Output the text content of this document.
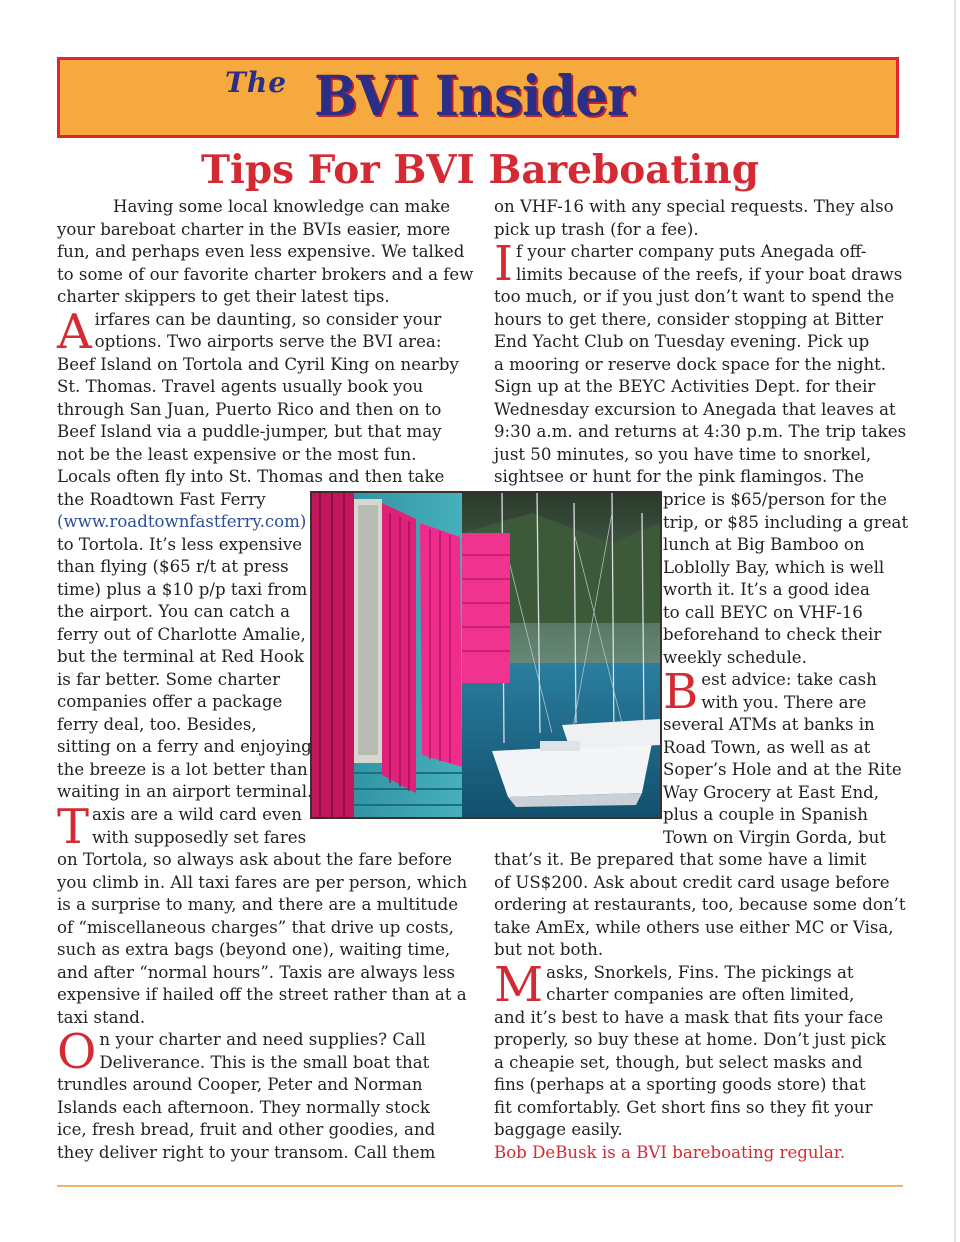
The BVI Insider
Tips For BVI Bareboating
Having some local knowledge can make
your bareboat charter in the BVIs easier, more
fun, and perhaps even less expensive. We talked
to some of our favorite charter brokers and a few
charter skippers to get their latest tips.
A irfares can be daunting, so consider your
options. Two airports serve the BVI area:
Beef Island on Tortola and Cyril King on nearby
St. Thomas. Travel agents usually book you
through San Juan, Puerto Rico and then on to
Beef Island via a puddle-jumper, but that may
not be the least expensive or the most fun.
Locals often fly into St. Thomas and then take
the Roadtown Fast Ferry
(www.roadtownfastferry.com)
to Tortola. It’s less expensive
than flying ($65 r/t at press
time) plus a $10 p/p taxi from
the airport. You can catch a
ferry out of Charlotte Amalie,
but the terminal at Red Hook
is far better. Some charter
companies offer a package
ferry deal, too. Besides,
sitting on a ferry and enjoying
the breeze is a lot better than
waiting in an airport terminal.
T axis are a wild card even
with supposedly set fares
on Tortola, so always ask about the fare before
you climb in. All taxi fares are per person, which
is a surprise to many, and there are a multitude
of “miscellaneous charges” that drive up costs,
such as extra bags (beyond one), waiting time,
and after “normal hours”. Taxis are always less
expensive if hailed off the street rather than at a
taxi stand.
O n your charter and need supplies? Call
Deliverance. This is the small boat that
trundles around Cooper, Peter and Norman
Islands each afternoon. They normally stock
ice, fresh bread, fruit and other goodies, and
they deliver right to your transom. Call them
on VHF-16 with any special requests. They also
pick up trash (for a fee).
I f your charter company puts Anegada off-
limits because of the reefs, if your boat draws
too much, or if you just don’t want to spend the
hours to get there, consider stopping at Bitter
End Yacht Club on Tuesday evening. Pick up
a mooring or reserve dock space for the night.
Sign up at the BEYC Activities Dept. for their
Wednesday excursion to Anegada that leaves at
9:30 a.m. and returns at 4:30 p.m. The trip takes
just 50 minutes, so you have time to snorkel,
sightsee or hunt for the pink flamingos. The
price is $65/person for the
trip, or $85 including a great
lunch at Big Bamboo on
Loblolly Bay, which is well
worth it. It’s a good idea
to call BEYC on VHF-16
beforehand to check their
weekly schedule.
B est advice: take cash
with you. There are
several ATMs at banks in
Road Town, as well as at
Soper’s Hole and at the Rite
Way Grocery at East End,
plus a couple in Spanish
Town on Virgin Gorda, but
that’s it. Be prepared that some have a limit
of US$200. Ask about credit card usage before
ordering at restaurants, too, because some don’t
take AmEx, while others use either MC or Visa,
but not both.
M asks, Snorkels, Fins. The pickings at
charter companies are often limited,
and it’s best to have a mask that fits your face
properly, so buy these at home. Don’t just pick
a cheapie set, though, but select masks and
fins (perhaps at a sporting goods store) that
fit comfortably. Get short fins so they fit your
baggage easily.
Bob DeBusk is a BVI bareboating regular.
